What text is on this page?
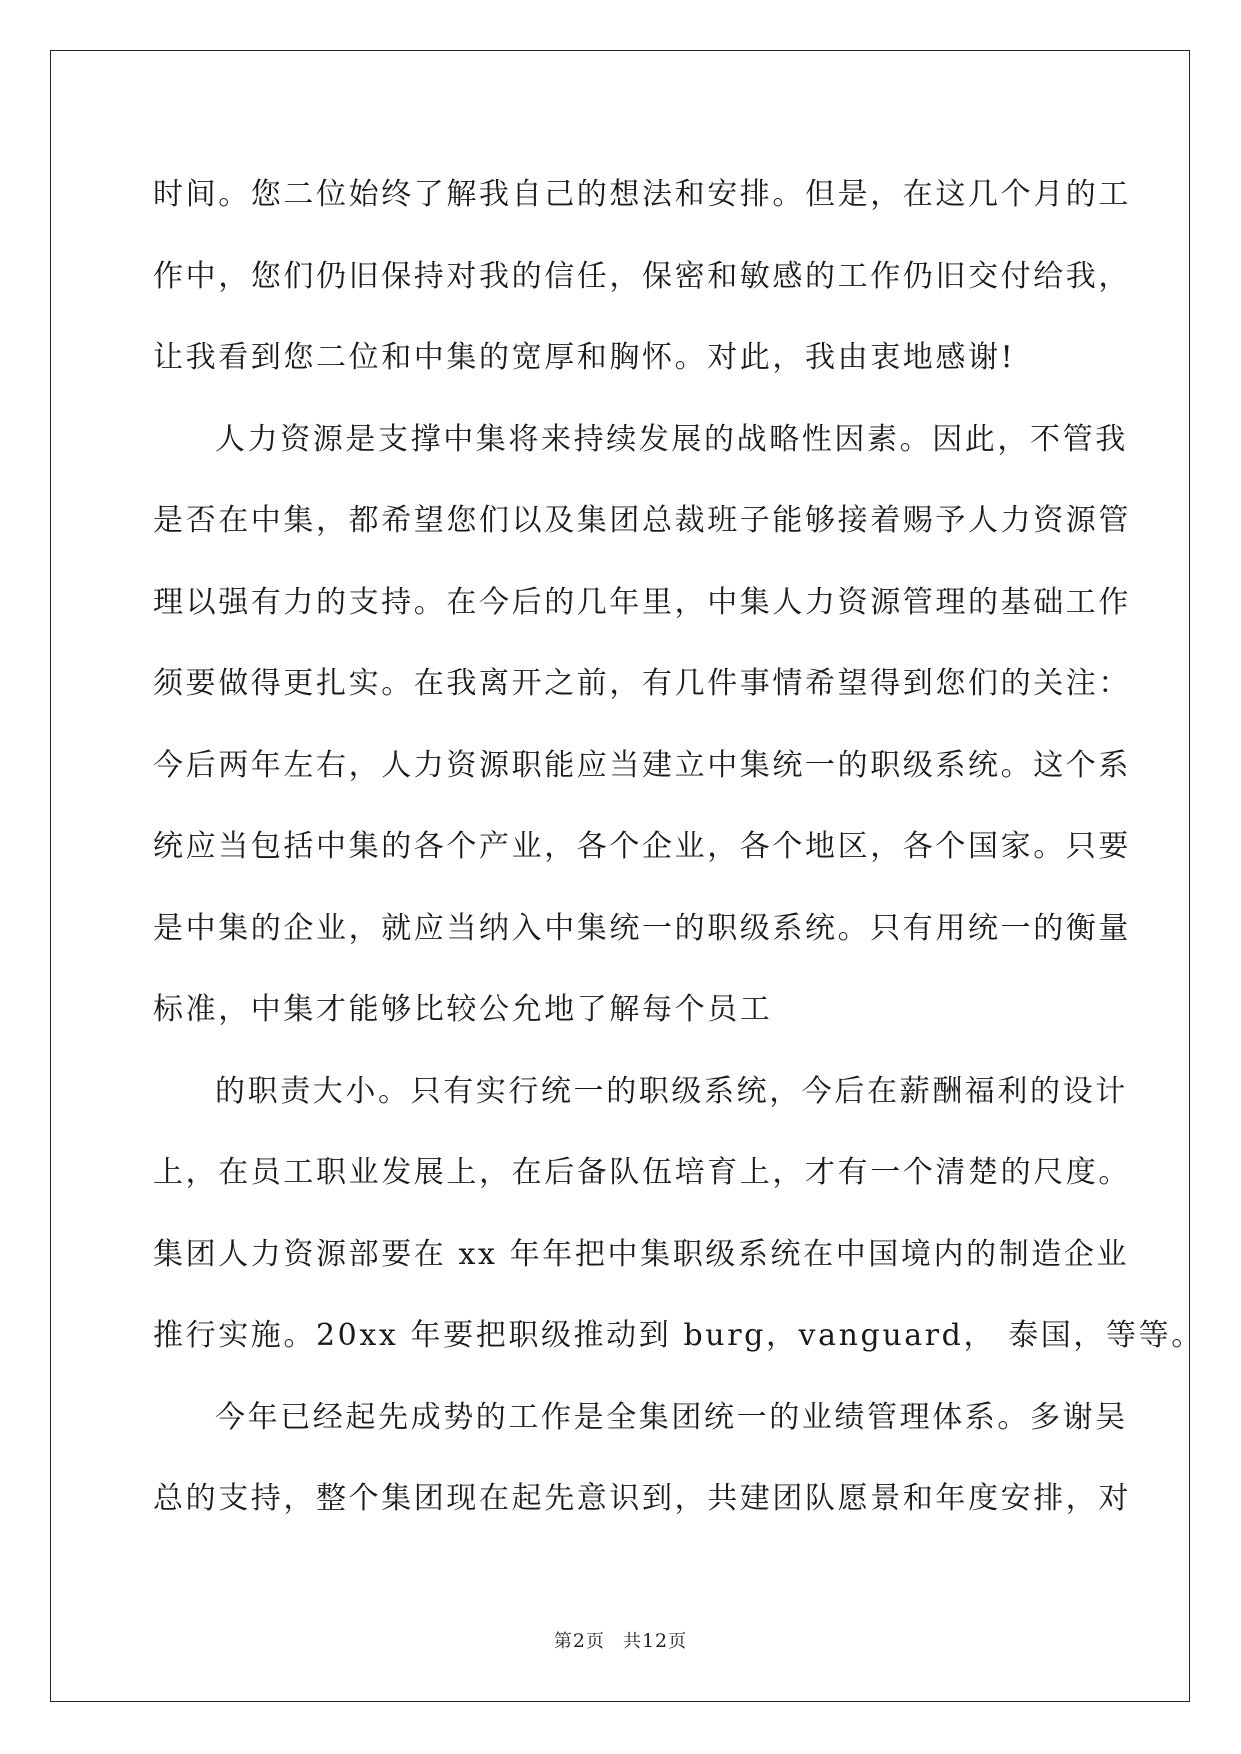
时间。您二位始终了解我自己的想法和安排。但是，在这几个月的工

作中，您们仍旧保持对我的信任，保密和敏感的工作仍旧交付给我，

让我看到您二位和中集的宽厚和胸怀。对此，我由衷地感谢!

人力资源是支撑中集将来持续发展的战略性因素。因此，不管我

是否在中集，都希望您们以及集团总裁班子能够接着赐予人力资源管

理以强有力的支持。在今后的几年里，中集人力资源管理的基础工作

须要做得更扎实。在我离开之前，有几件事情希望得到您们的关注：

今后两年左右，人力资源职能应当建立中集统一的职级系统。这个系

统应当包括中集的各个产业，各个企业，各个地区，各个国家。只要

是中集的企业，就应当纳入中集统一的职级系统。只有用统一的衡量

标准，中集才能够比较公允地了解每个员工

的职责大小。只有实行统一的职级系统，今后在薪酬福利的设计

上，在员工职业发展上，在后备队伍培育上，才有一个清楚的尺度。

集团人力资源部要在 xx 年年把中集职级系统在中国境内的制造企业

推行实施。20xx 年要把职级推动到 burg，vanguard， 泰国，等等。

今年已经起先成势的工作是全集团统一的业绩管理体系。多谢吴

总的支持，整个集团现在起先意识到，共建团队愿景和年度安排，对

第2页 共12页
